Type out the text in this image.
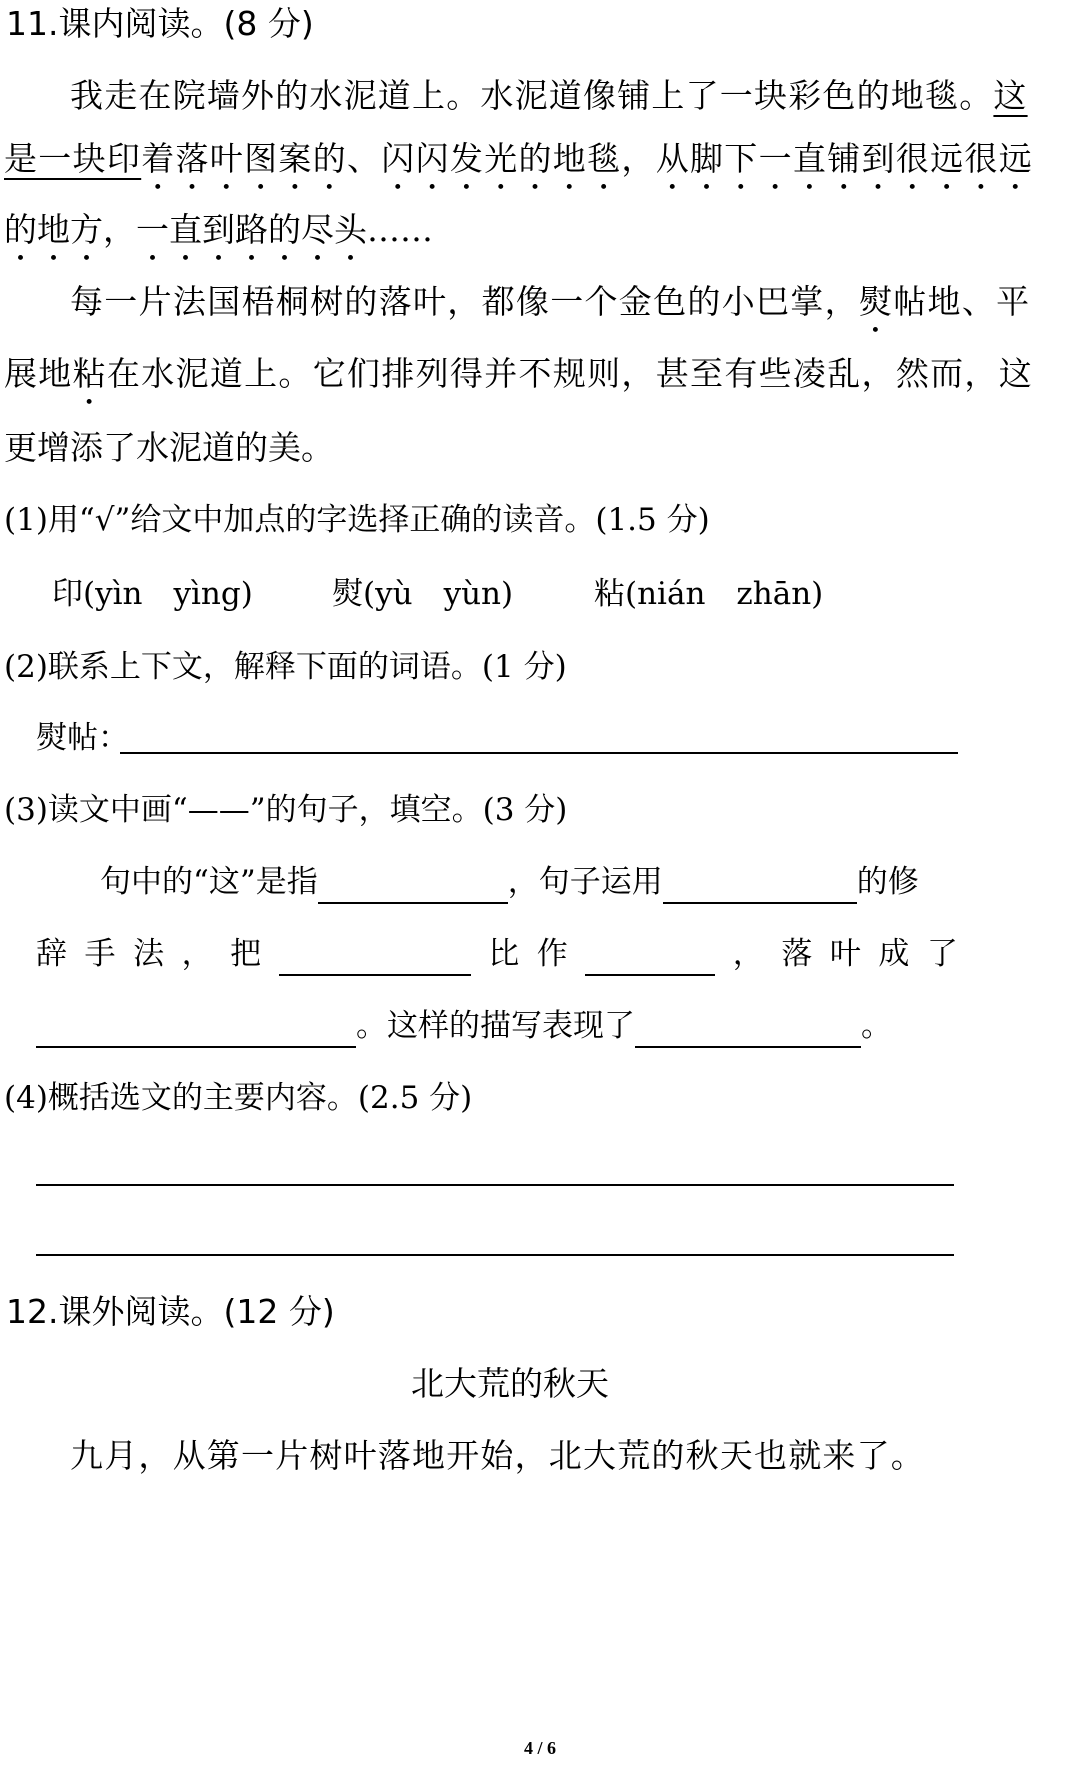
11.课内阅读。(8 分)
我走在院墙外的水泥道上。水泥道像铺上了一块彩色的地毯。这
是一块印着落叶图案的、闪闪发光的地毯，从脚下一直铺到很远很远
的地方，一直到路的尽头……
每一片法国梧桐树的落叶，都像一个金色的小巴掌，熨帖地、平
展地粘在水泥道上。它们排列得并不规则，甚至有些凌乱，然而，这
更增添了水泥道的美。
(1)用“√”给文中加点的字选择正确的读音。(1.5 分)
印(yìn　yìng)	熨(yù　yùn)	粘(nián　zhān)
(2)联系上下文，解释下面的词语。(1 分)
熨帖：
(3)读文中画“——”的句子，填空。(3 分)
句中的“这”是指	，句子运用	的修
辞 手 法 ， 把	比 作	， 落 叶 成 了
。这样的描写表现了	。
(4)概括选文的主要内容。(2.5 分)
12.课外阅读。(12 分)
北大荒的秋天
九月，从第一片树叶落地开始，北大荒的秋天也就来了。
4 / 6
